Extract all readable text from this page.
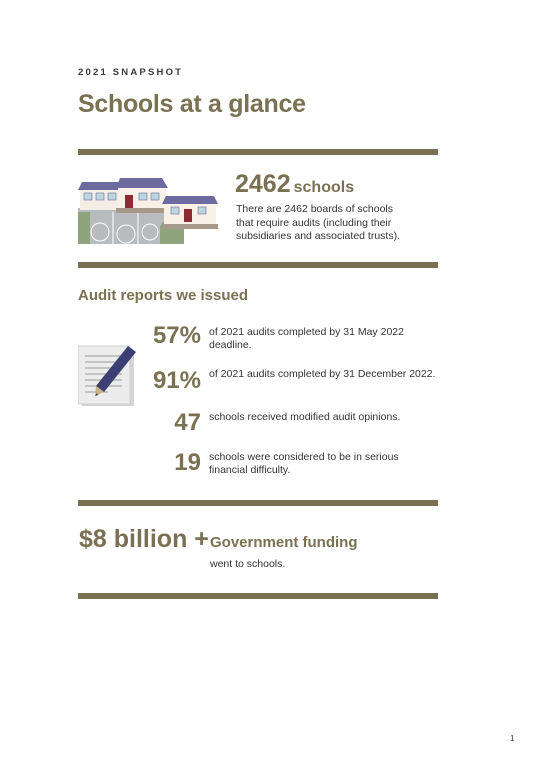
2021 SNAPSHOT
Schools at a glance
2462 schools
There are 2462 boards of schools that require audits (including their subsidiaries and associated trusts).
Audit reports we issued
57% of 2021 audits completed by 31 May 2022 deadline.
91% of 2021 audits completed by 31 December 2022.
47 schools received modified audit opinions.
19 schools were considered to be in serious financial difficulty.
$8 billion + Government funding
went to schools.
1
